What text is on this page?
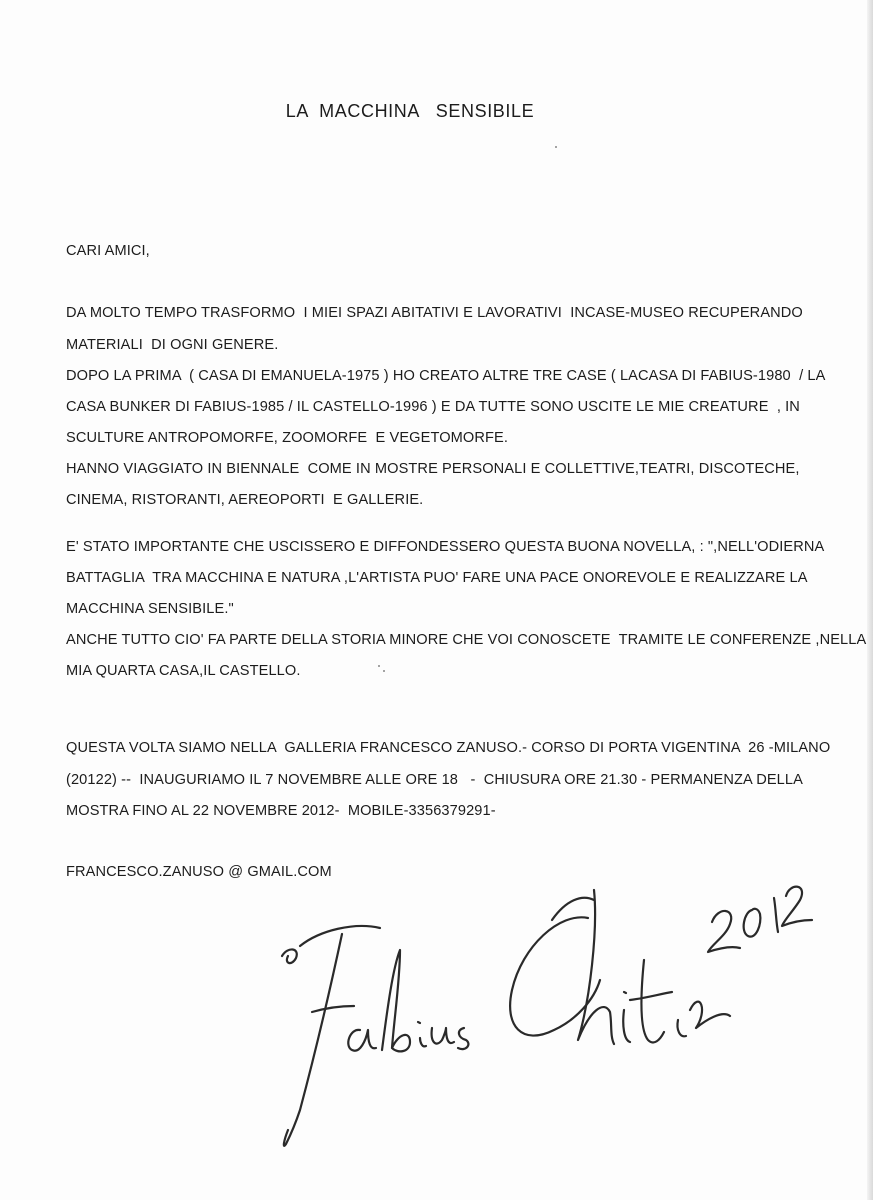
LA  MACCHINA   SENSIBILE
CARI AMICI,
DA MOLTO TEMPO TRASFORMO  I MIEI SPAZI ABITATIVI E LAVORATIVI  INCASE-MUSEO RECUPERANDO
MATERIALI  DI OGNI GENERE.
DOPO LA PRIMA  ( CASA DI EMANUELA-1975 ) HO CREATO ALTRE TRE CASE ( LACASA DI FABIUS-1980  / LA
CASA BUNKER DI FABIUS-1985 / IL CASTELLO-1996 ) E DA TUTTE SONO USCITE LE MIE CREATURE  , IN
SCULTURE ANTROPOMORFE, ZOOMORFE  E VEGETOMORFE.
HANNO VIAGGIATO IN BIENNALE  COME IN MOSTRE PERSONALI E COLLETTIVE,TEATRI, DISCOTECHE,
CINEMA, RISTORANTI, AEREOPORTI  E GALLERIE.
E' STATO IMPORTANTE CHE USCISSERO E DIFFONDESSERO QUESTA BUONA NOVELLA, : ",NELL'ODIERNA
BATTAGLIA  TRA MACCHINA E NATURA ,L'ARTISTA PUO' FARE UNA PACE ONOREVOLE E REALIZZARE LA
MACCHINA SENSIBILE."
ANCHE TUTTO CIO' FA PARTE DELLA STORIA MINORE CHE VOI CONOSCETE  TRAMITE LE CONFERENZE ,NELLA
MIA QUARTA CASA,IL CASTELLO.
QUESTA VOLTA SIAMO NELLA  GALLERIA FRANCESCO ZANUSO.- CORSO DI PORTA VIGENTINA  26 -MILANO
(20122) --  INAUGURIAMO IL 7 NOVEMBRE ALLE ORE 18   -  CHIUSURA ORE 21.30 - PERMANENZA DELLA
MOSTRA FINO AL 22 NOVEMBRE 2012-  MOBILE-3356379291-
FRANCESCO.ZANUSO @ GMAIL.COM
Fabius Chiti 2012
